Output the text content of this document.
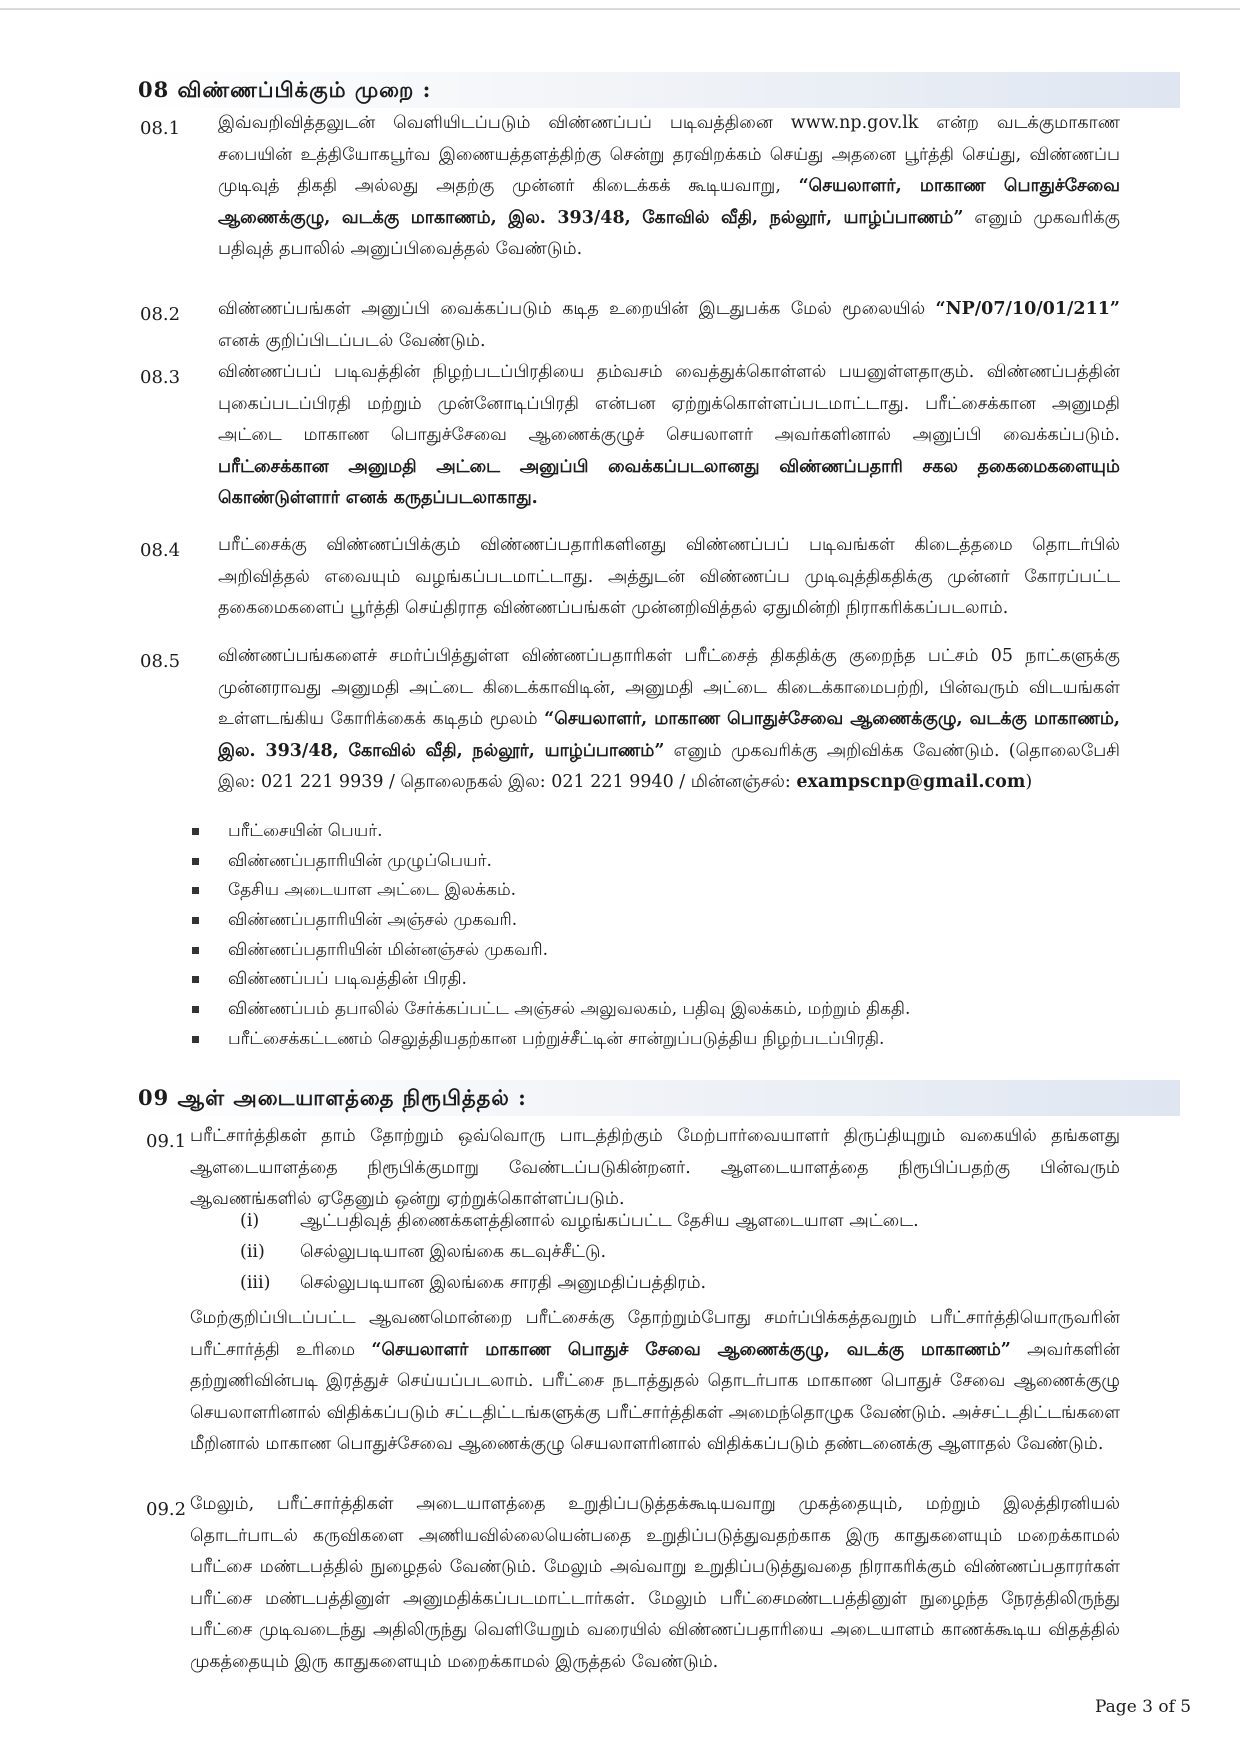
08 விண்ணப்பிக்கும் முறை :
08.1 இவ்வறிவித்தலுடன் வெளியிடப்படும் விண்ணப்பப் படிவத்தினை www.np.gov.lk என்ற வடக்குமாகாண சபையின் உத்தியோகபூர்வ இணையத்தளத்திற்கு சென்று தரவிறக்கம் செய்து அதனை பூர்த்தி செய்து, விண்ணப்ப முடிவுத் திகதி அல்லது அதற்கு முன்னர் கிடைக்கக் கூடியவாறு, “செயலாளர், மாகாண பொதுச்சேவை ஆணைக்குழு, வடக்கு மாகாணம், இல. 393/48, கோவில் வீதி, நல்லூர், யாழ்ப்பாணம்” எனும் முகவரிக்கு பதிவுத் தபாலில் அனுப்பிவைத்தல் வேண்டும்.

08.2 விண்ணப்பங்கள் அனுப்பி வைக்கப்படும் கடித உறையின் இடதுபக்க மேல் மூலையில் “NP/07/10/01/211” எனக் குறிப்பிடப்படல் வேண்டும்.

08.3 விண்ணப்பப் படிவத்தின் நிழற்படப்பிரதியை தம்வசம் வைத்துக்கொள்ளல் பயனுள்ளதாகும். விண்ணப்பத்தின் புகைப்படப்பிரதி மற்றும் முன்னோடிப்பிரதி என்பன ஏற்றுக்கொள்ளப்படமாட்டாது. பரீட்சைக்கான அனுமதி அட்டை மாகாண பொதுச்சேவை ஆணைக்குழுச் செயலாளர் அவர்களினால் அனுப்பி வைக்கப்படும். பரீட்சைக்கான அனுமதி அட்டை அனுப்பி வைக்கப்படலானது விண்ணப்பதாரி சகல தகைமைகளையும் கொண்டுள்ளார் எனக் கருதப்படலாகாது.

08.4 பரீட்சைக்கு விண்ணப்பிக்கும் விண்ணப்பதாரிகளினது விண்ணப்பப் படிவங்கள் கிடைத்தமை தொடர்பில் அறிவித்தல் எவையும் வழங்கப்படமாட்டாது. அத்துடன் விண்ணப்ப முடிவுத்திகதிக்கு முன்னர் கோரப்பட்ட தகைமைகளைப் பூர்த்தி செய்திராத விண்ணப்பங்கள் முன்னறிவித்தல் ஏதுமின்றி நிராகரிக்கப்படலாம்.

08.5 விண்ணப்பங்களைச் சமர்ப்பித்துள்ள விண்ணப்பதாரிகள் பரீட்சைத் திகதிக்கு குறைந்த பட்சம் 05 நாட்களுக்கு முன்னராவது அனுமதி அட்டை கிடைக்காவிடின், அனுமதி அட்டை கிடைக்காமைபற்றி, பின்வரும் விடயங்கள் உள்ளடங்கிய கோரிக்கைக் கடிதம் மூலம் “செயலாளர், மாகாண பொதுச்சேவை ஆணைக்குழு, வடக்கு மாகாணம், இல. 393/48, கோவில் வீதி, நல்லூர், யாழ்ப்பாணம்” எனும் முகவரிக்கு அறிவிக்க வேண்டும். (தொலைபேசி இல: 021 221 9939 / தொலைநகல் இல: 021 221 9940 / மின்னஞ்சல்: exampscnp@gmail.com)

பரீட்சையின் பெயர்.
விண்ணப்பதாரியின் முழுப்பெயர்.
தேசிய அடையாள அட்டை இலக்கம்.
விண்ணப்பதாரியின் அஞ்சல் முகவரி.
விண்ணப்பதாரியின் மின்னஞ்சல் முகவரி.
விண்ணப்பப் படிவத்தின் பிரதி.
விண்ணப்பம் தபாலில் சேர்க்கப்பட்ட அஞ்சல் அலுவலகம், பதிவு இலக்கம், மற்றும் திகதி.
பரீட்சைக்கட்டணம் செலுத்தியதற்கான பற்றுச்சீட்டின் சான்றுப்படுத்திய நிழற்படப்பிரதி.
09 ஆள் அடையாளத்தை நிரூபித்தல் :
09.1 பரீட்சார்த்திகள் தாம் தோற்றும் ஒவ்வொரு பாடத்திற்கும் மேற்பார்வையாளர் திருப்தியுறும் வகையில் தங்களது ஆளடையாளத்தை நிரூபிக்குமாறு வேண்டப்படுகின்றனர். ஆளடையாளத்தை நிரூபிப்பதற்கு பின்வரும் ஆவணங்களில் ஏதேனும் ஒன்று ஏற்றுக்கொள்ளப்படும்.

(i) ஆட்பதிவுத் திணைக்களத்தினால் வழங்கப்பட்ட தேசிய ஆளடையாள அட்டை.
(ii) செல்லுபடியான இலங்கை கடவுச்சீட்டு.
(iii) செல்லுபடியான இலங்கை சாரதி அனுமதிப்பத்திரம்.

மேற்குறிப்பிடப்பட்ட ஆவணமொன்றை பரீட்சைக்கு தோற்றும்போது சமர்ப்பிக்கத்தவறும் பரீட்சார்த்தியொருவரின் பரீட்சார்த்தி உரிமை “செயலாளர் மாகாண பொதுச் சேவை ஆணைக்குழு, வடக்கு மாகாணம்” அவர்களின் தற்றுணிவின்படி இரத்துச் செய்யப்படலாம். பரீட்சை நடாத்துதல் தொடர்பாக மாகாண பொதுச் சேவை ஆணைக்குழு செயலாளரினால் விதிக்கப்படும் சட்டதிட்டங்களுக்கு பரீட்சார்த்திகள் அமைந்தொழுக வேண்டும். அச்சட்டதிட்டங்களை மீறினால் மாகாண பொதுச்சேவை ஆணைக்குழு செயலாளரினால் விதிக்கப்படும் தண்டனைக்கு ஆளாதல் வேண்டும்.

09.2 மேலும், பரீட்சார்த்திகள் அடையாளத்தை உறுதிப்படுத்தக்கூடியவாறு முகத்தையும், மற்றும் இலத்திரனியல் தொடர்பாடல் கருவிகளை அணியவில்லையென்பதை உறுதிப்படுத்துவதற்காக இரு காதுகளையும் மறைக்காமல் பரீட்சை மண்டபத்தில் நுழைதல் வேண்டும். மேலும் அவ்வாறு உறுதிப்படுத்துவதை நிராகரிக்கும் விண்ணப்பதாரர்கள் பரீட்சை மண்டபத்தினுள் அனுமதிக்கப்படமாட்டார்கள். மேலும் பரீட்சைமண்டபத்தினுள் நுழைந்த நேரத்திலிருந்து பரீட்சை முடிவடைந்து அதிலிருந்து வெளியேறும் வரையில் விண்ணப்பதாரியை அடையாளம் காணக்கூடிய விதத்தில் முகத்தையும் இரு காதுகளையும் மறைக்காமல் இருத்தல் வேண்டும்.

Page 3 of 5
